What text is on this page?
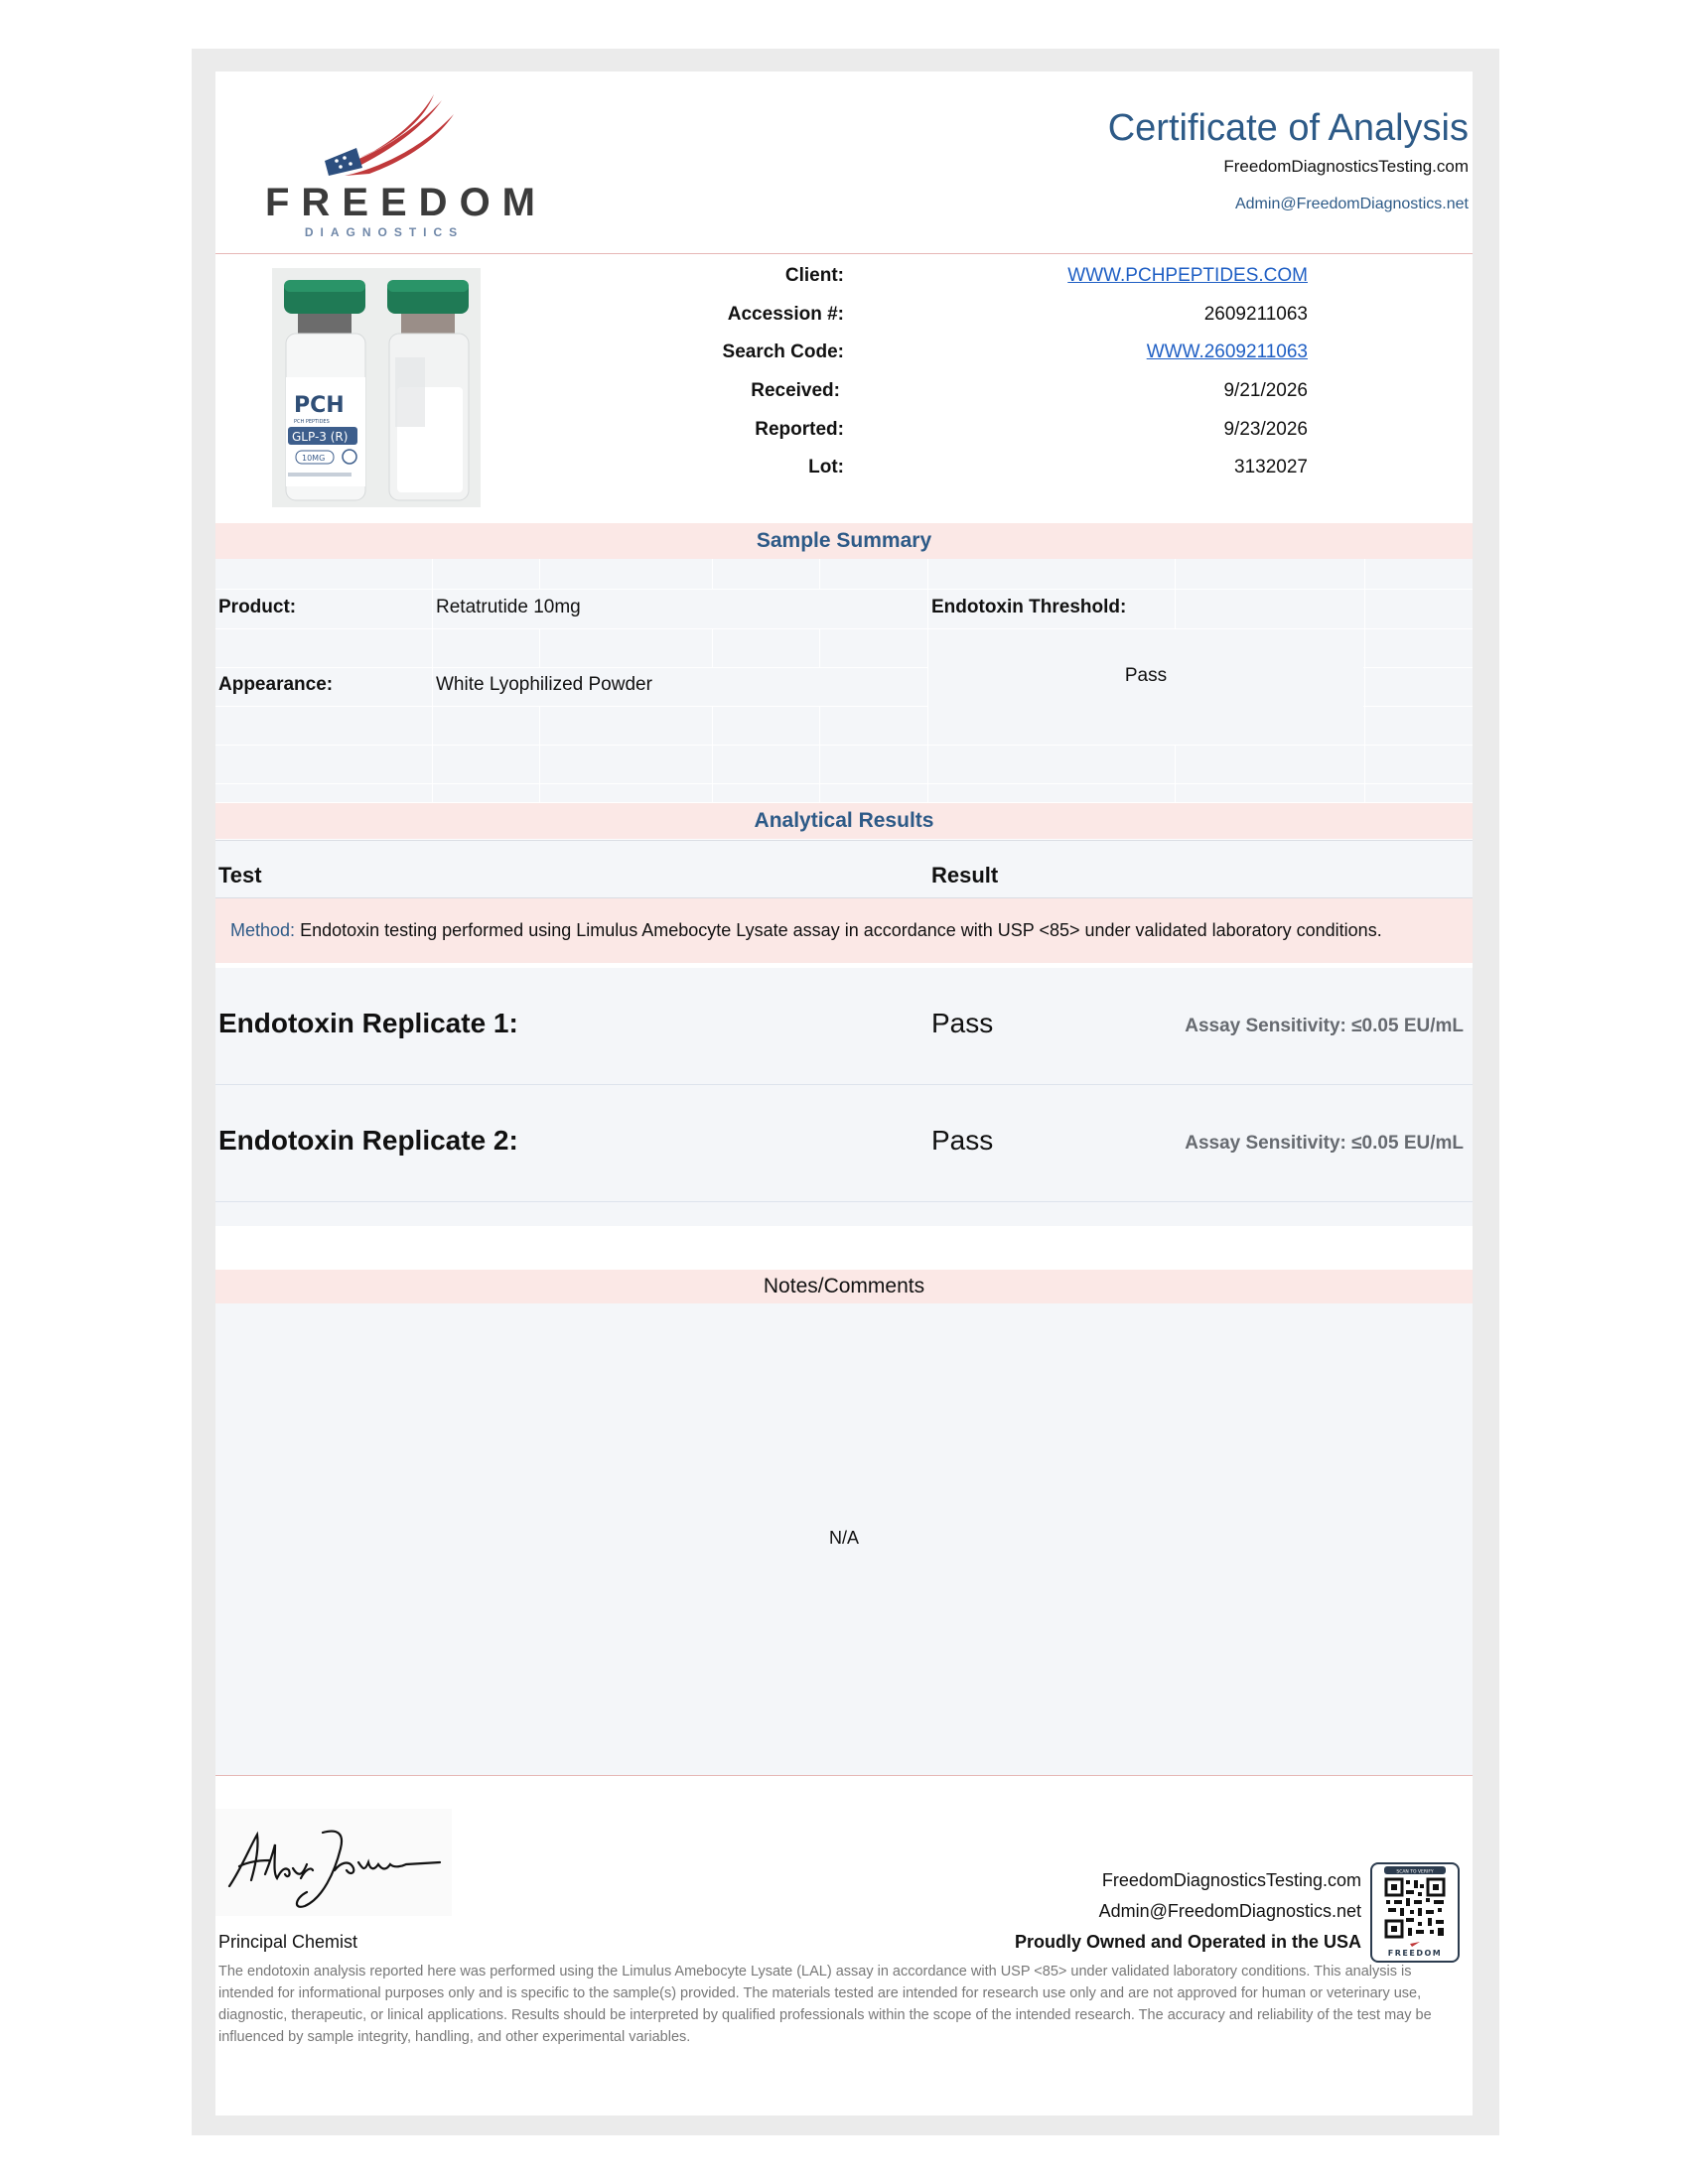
FREEDOM
DIAGNOSTICS
Certificate of Analysis
FreedomDiagnosticsTesting.com
Admin@FreedomDiagnostics.net
PCH
PCH PEPTIDES
GLP-3 (R)
10MG
Client:	WWW.PCHPEPTIDES.COM
Accession #:	2609211063
Search Code:	WWW.2609211063
Received:	9/21/2026
Reported:	9/23/2026
Lot:	3132027
Sample Summary
Product:	Retatrutide 10mg	Endotoxin Threshold:
Appearance:	White Lyophilized Powder	Pass
Analytical Results
Test	Result
Method: Endotoxin testing performed using Limulus Amebocyte Lysate assay in accordance with USP <85> under validated laboratory conditions.
Endotoxin Replicate 1:	Pass	Assay Sensitivity: ≤0.05 EU/mL
Endotoxin Replicate 2:	Pass	Assay Sensitivity: ≤0.05 EU/mL
Notes/Comments
N/A
Principal Chemist
FreedomDiagnosticsTesting.com
Admin@FreedomDiagnostics.net
Proudly Owned and Operated in the USA
SCAN TO VERIFY
FREEDOM
The endotoxin analysis reported here was performed using the Limulus Amebocyte Lysate (LAL) assay in accordance with USP <85> under validated laboratory conditions. This analysis is intended for informational purposes only and is specific to the sample(s) provided. The materials tested are intended for research use only and are not approved for human or veterinary use, diagnostic, therapeutic, or linical applications. Results should be interpreted by qualified professionals within the scope of the intended research. The accuracy and reliability of the test may be influenced by sample integrity, handling, and other experimental variables.
